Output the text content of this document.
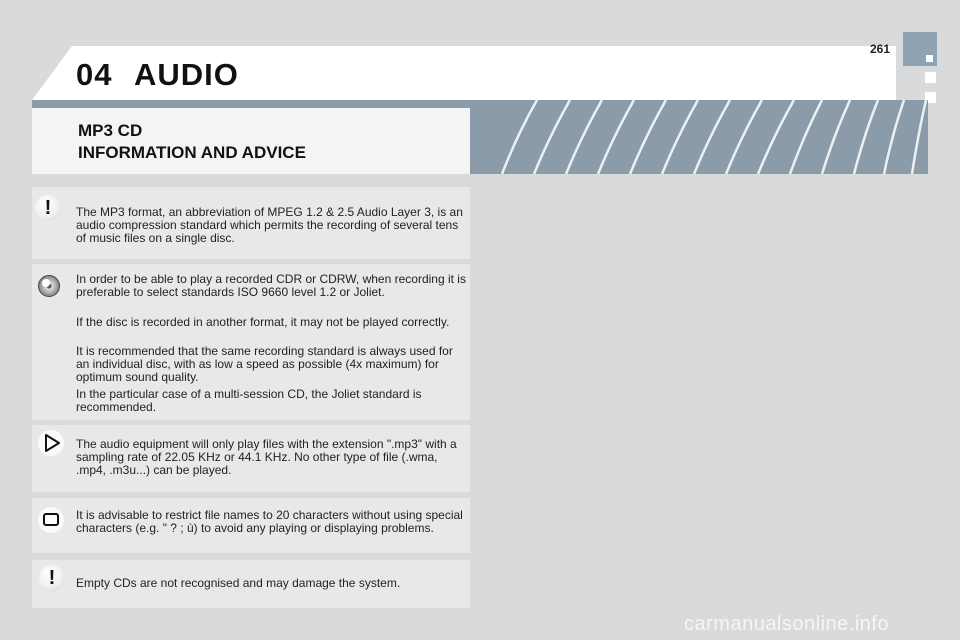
04 AUDIO
261
MP3 CD
INFORMATION AND ADVICE

The MP3 format, an abbreviation of MPEG 1.2 & 2.5 Audio Layer 3, is an audio compression standard which permits the recording of several tens of music files on a single disc.

!

In order to be able to play a recorded CDR or CDRW, when recording it is preferable to select standards ISO 9660 level 1.2 or Joliet.

If the disc is recorded in another format, it may not be played correctly.

It is recommended that the same recording standard is always used for an individual disc, with as low a speed as possible (4x maximum) for optimum sound quality.

In the particular case of a multi-session CD, the Joliet standard is recommended.

The audio equipment will only play files with the extension ".mp3" with a sampling rate of 22.05 KHz or 44.1 KHz. No other type of file (.wma, .mp4, .m3u...) can be played.

It is advisable to restrict file names to 20 characters without using special characters (e.g. " ? ; ù) to avoid any playing or displaying problems.

Empty CDs are not recognised and may damage the system.

!
carmanualsonline.info
